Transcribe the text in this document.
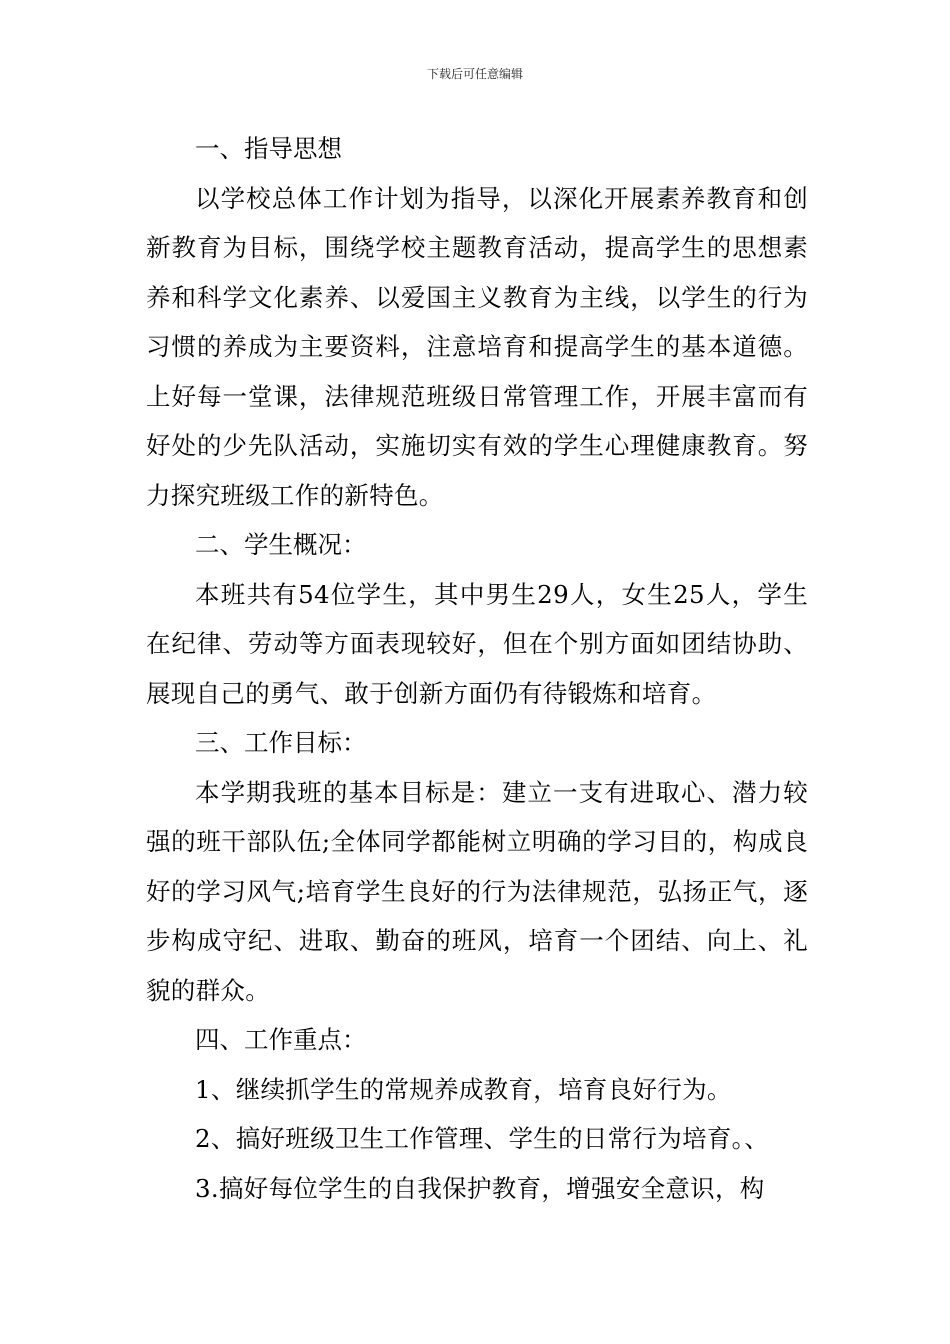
下载后可任意编辑

一、指导思想

以学校总体工作计划为指导，以深化开展素养教育和创新教育为目标，围绕学校主题教育活动，提高学生的思想素养和科学文化素养、以爱国主义教育为主线，以学生的行为习惯的养成为主要资料，注意培育和提高学生的基本道德。上好每一堂课，法律规范班级日常管理工作，开展丰富而有好处的少先队活动，实施切实有效的学生心理健康教育。努力探究班级工作的新特色。

二、学生概况：

本班共有54位学生，其中男生29人，女生25人，学生在纪律、劳动等方面表现较好，但在个别方面如团结协助、展现自己的勇气、敢于创新方面仍有待锻炼和培育。

三、工作目标：

本学期我班的基本目标是：建立一支有进取心、潜力较强的班干部队伍;全体同学都能树立明确的学习目的，构成良好的学习风气;培育学生良好的行为法律规范，弘扬正气，逐步构成守纪、进取、勤奋的班风，培育一个团结、向上、礼貌的群众。

四、工作重点：

1、继续抓学生的常规养成教育，培育良好行为。

2、搞好班级卫生工作管理、学生的日常行为培育。、

3.搞好每位学生的自我保护教育，增强安全意识，构
